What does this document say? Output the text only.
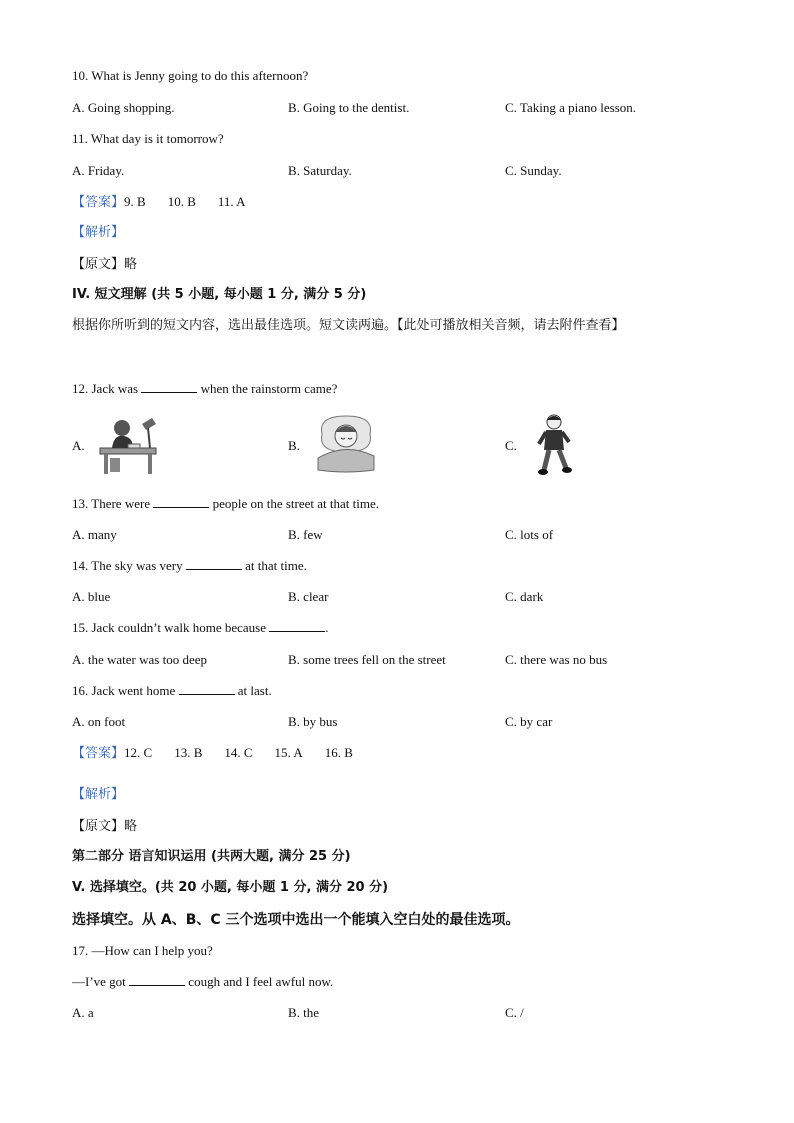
10. What is Jenny going to do this afternoon?
A. Going shopping.	B. Going to the dentist.	C. Taking a piano lesson.
11. What day is it tomorrow?
A. Friday.	B. Saturday.	C. Sunday.
【答案】9. B 10. B 11. A
【解析】
【原文】略
IV. 短文理解 (共 5 小题, 每小题 1 分, 满分 5 分)
根据你所听到的短文内容，选出最佳选项。短文读两遍。【此处可播放相关音频，请去附件查看】
12. Jack was	when the rainstorm came?
A.	B.	C.
13. There were	people on the street at that time.
A. many	B. few	C. lots of
14. The sky was very	at that time.
A. blue	B. clear	C. dark
15. Jack couldn’t walk home because	.
A. the water was too deep	B. some trees fell on the street	C. there was no bus
16. Jack went home	at last.
A. on foot	B. by bus	C. by car
【答案】12. C 13. B 14. C 15. A 16. B
【解析】
【原文】略
第二部分 语言知识运用 (共两大题, 满分 25 分)
V. 选择填空。(共 20 小题, 每小题 1 分, 满分 20 分)
选择填空。从 A、B、C 三个选项中选出一个能填入空白处的最佳选项。
17. —How can I help you?
—I’ve got	cough and I feel awful now.
A. a	B. the	C. /
